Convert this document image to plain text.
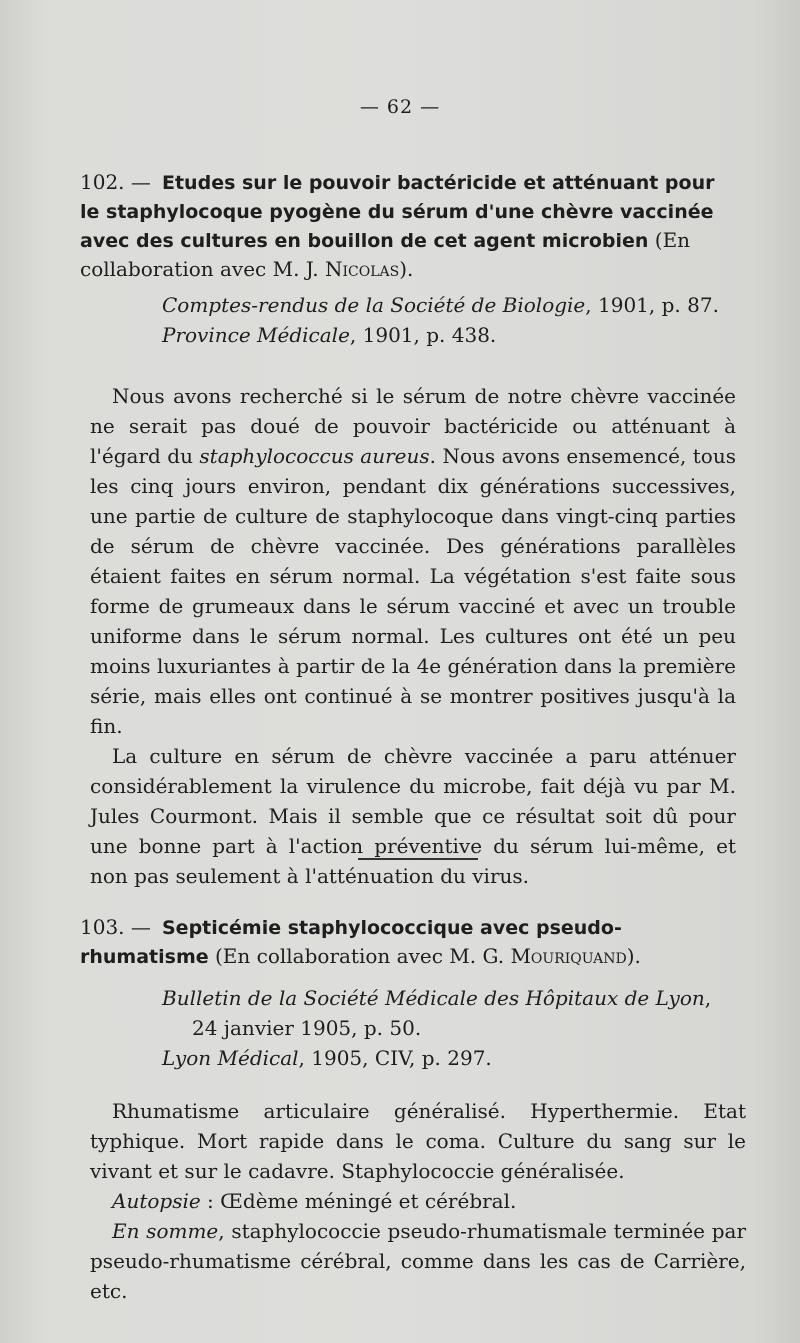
— 62 —
102. — Etudes sur le pouvoir bactéricide et atténuant pour le staphylocoque pyogène du sérum d'une chèvre vaccinée avec des cultures en bouillon de cet agent microbien (En collaboration avec M. J. Nicolas).
Comptes-rendus de la Société de Biologie, 1901, p. 87.
Province Médicale, 1901, p. 438.

Nous avons recherché si le sérum de notre chèvre vaccinée ne serait pas doué de pouvoir bactéricide ou atténuant à l'égard du staphylococcus aureus. Nous avons ensemencé, tous les cinq jours environ, pendant dix générations successives, une partie de culture de staphylocoque dans vingt-cinq parties de sérum de chèvre vaccinée. Des générations parallèles étaient faites en sérum normal. La végétation s'est faite sous forme de grumeaux dans le sérum vacciné et avec un trouble uniforme dans le sérum normal. Les cultures ont été un peu moins luxuriantes à partir de la 4e génération dans la première série, mais elles ont continué à se montrer positives jusqu'à la fin.

La culture en sérum de chèvre vaccinée a paru atténuer considérablement la virulence du microbe, fait déjà vu par M. Jules Courmont. Mais il semble que ce résultat soit dû pour une bonne part à l'action préventive du sérum lui-même, et non pas seulement à l'atténuation du virus.

103. — Septicémie staphylococcique avec pseudo-rhumatisme (En collaboration avec M. G. Mouriquand).
Bulletin de la Société Médicale des Hôpitaux de Lyon,
24 janvier 1905, p. 50.
Lyon Médical, 1905, CIV, p. 297.

Rhumatisme articulaire généralisé. Hyperthermie. Etat typhique. Mort rapide dans le coma. Culture du sang sur le vivant et sur le cadavre. Staphylococcie généralisée.

Autopsie : Œdème méningé et cérébral.

En somme, staphylococcie pseudo-rhumatismale terminée par pseudo-rhumatisme cérébral, comme dans les cas de Carrière, etc.
